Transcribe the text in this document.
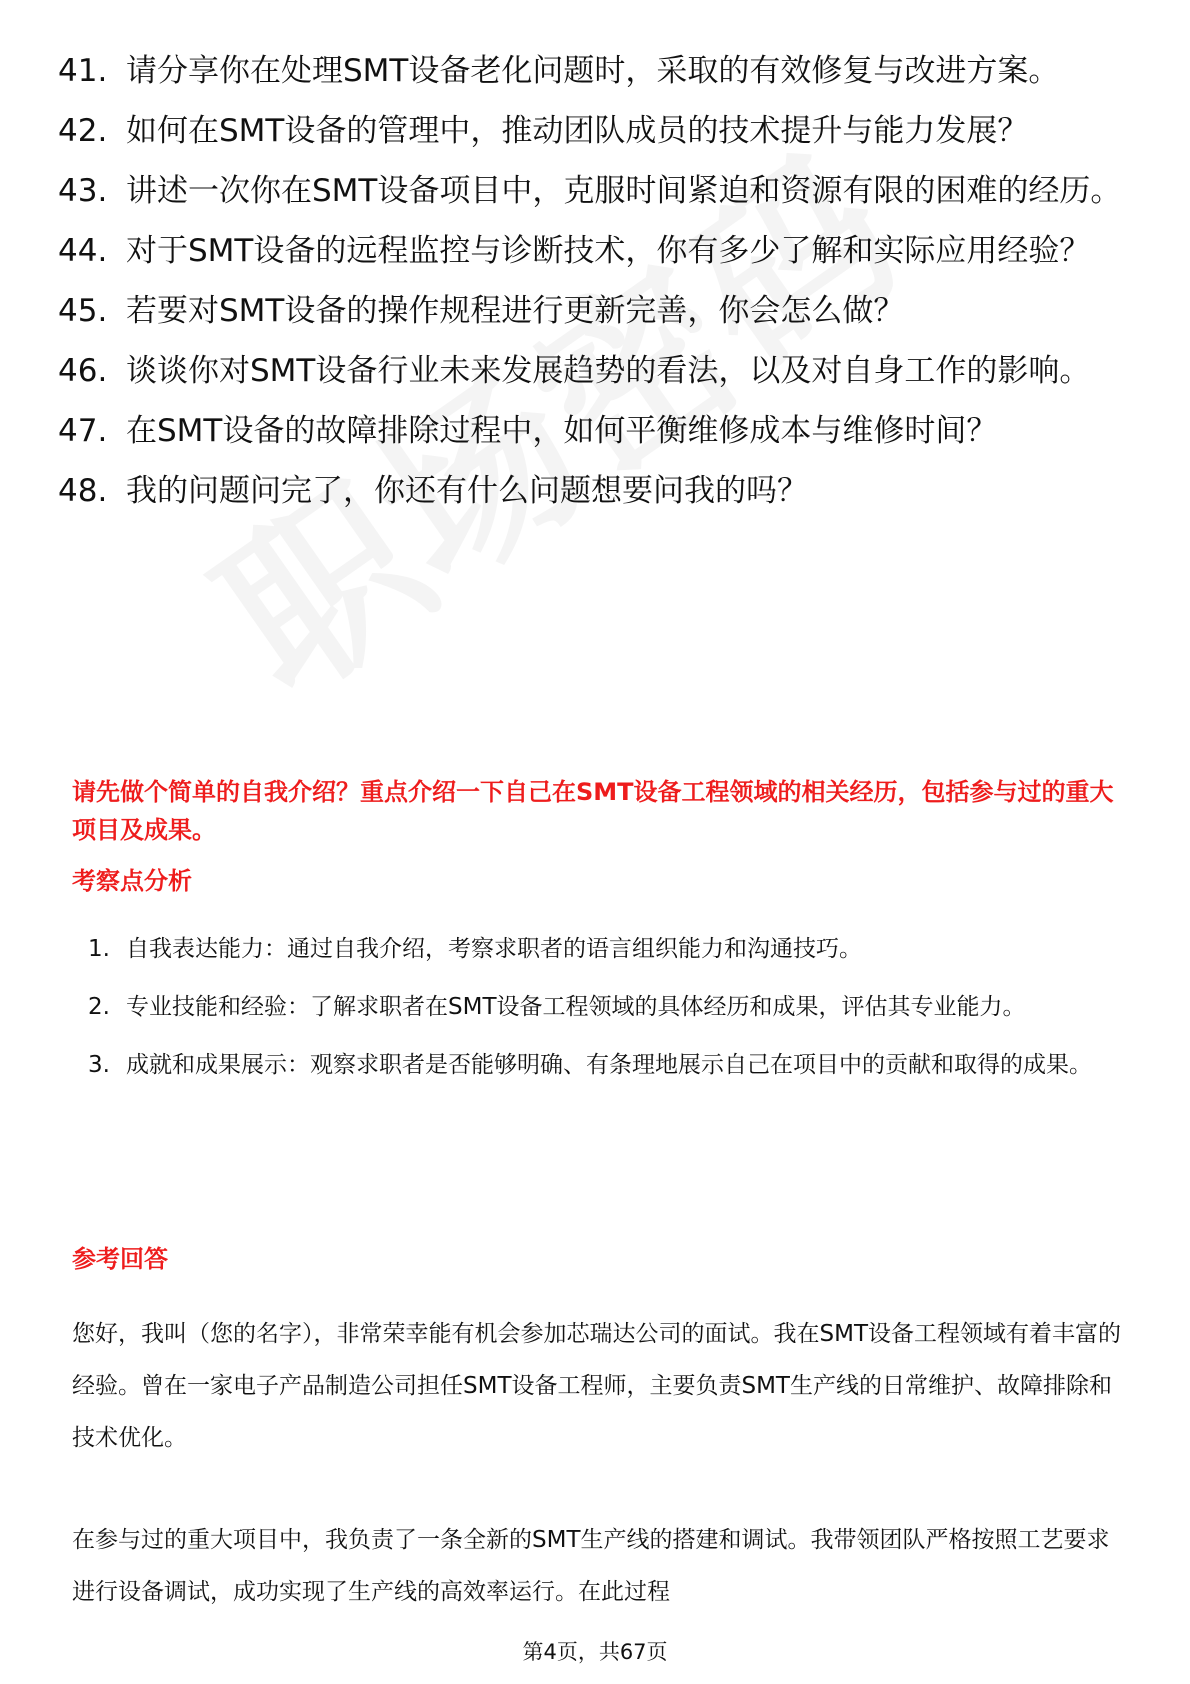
41. 请分享你在处理SMT设备老化问题时，采取的有效修复与改进方案。
42. 如何在SMT设备的管理中，推动团队成员的技术提升与能力发展？
43. 讲述一次你在SMT设备项目中，克服时间紧迫和资源有限的困难的经历。
44. 对于SMT设备的远程监控与诊断技术，你有多少了解和实际应用经验？
45. 若要对SMT设备的操作规程进行更新完善，你会怎么做？
46. 谈谈你对SMT设备行业未来发展趋势的看法，以及对自身工作的影响。
47. 在SMT设备的故障排除过程中，如何平衡维修成本与维修时间？
48. 我的问题问完了，你还有什么问题想要问我的吗？

请先做个简单的自我介绍？重点介绍一下自己在SMT设备工程领域的相关经历，包括参与过的重大项目及成果。

考察点分析

1. 自我表达能力：通过自我介绍，考察求职者的语言组织能力和沟通技巧。
2. 专业技能和经验：了解求职者在SMT设备工程领域的具体经历和成果，评估其专业能力。
3. 成就和成果展示：观察求职者是否能够明确、有条理地展示自己在项目中的贡献和取得的成果。

参考回答

您好，我叫（您的名字），非常荣幸能有机会参加芯瑞达公司的面试。我在SMT设备工程领域有着丰富的经验。曾在一家电子产品制造公司担任SMT设备工程师，主要负责SMT生产线的日常维护、故障排除和技术优化。

在参与过的重大项目中，我负责了一条全新的SMT生产线的搭建和调试。我带领团队严格按照工艺要求进行设备调试，成功实现了生产线的高效率运行。在此过程

第4页，共67页
